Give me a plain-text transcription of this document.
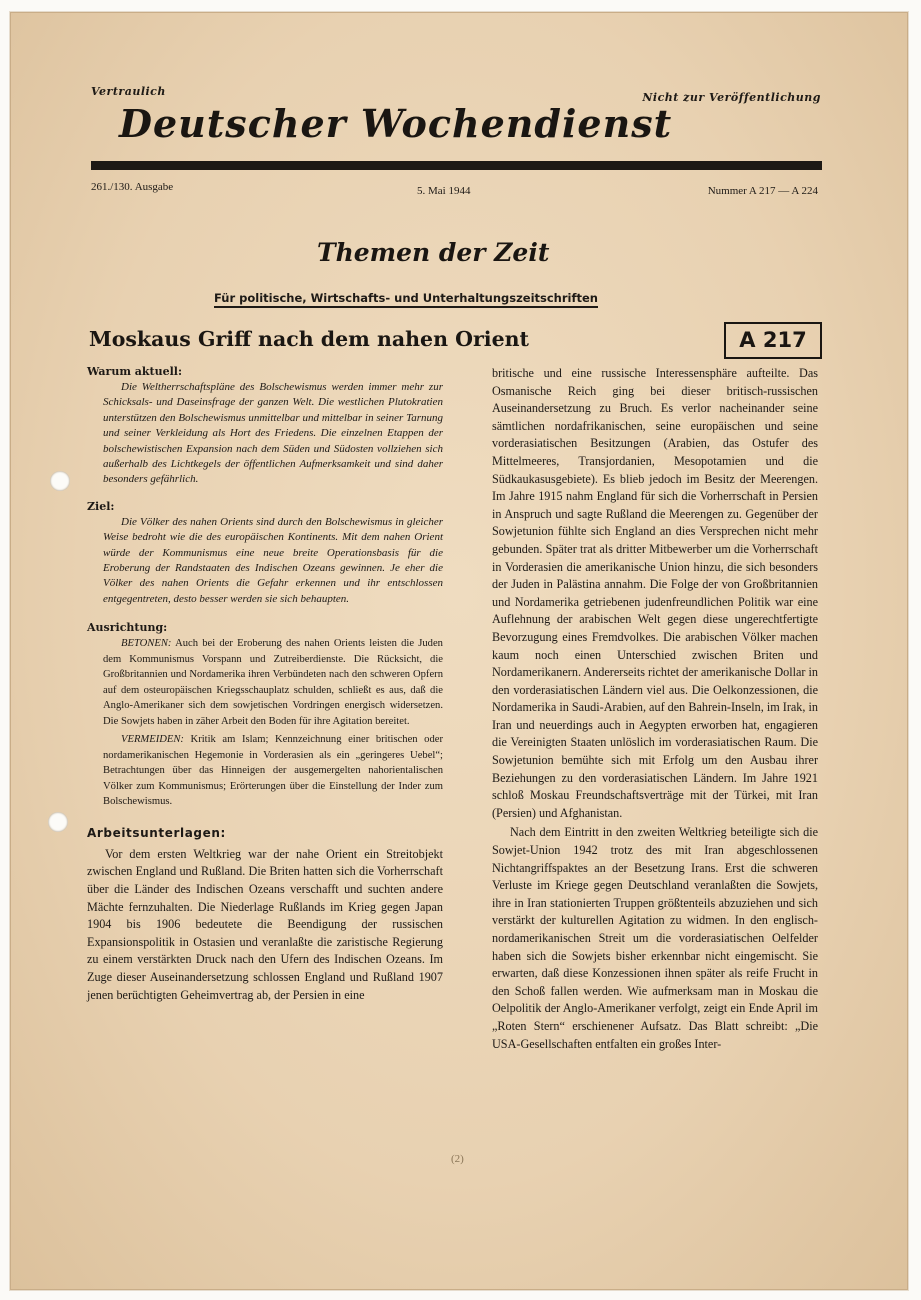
Vertraulich	Nicht zur Veröffentlichung
Deutscher Wochendienst
261./130. Ausgabe	5. Mai 1944	Nummer A 217 — A 224
Themen der Zeit
Für politische, Wirtschafts- und Unterhaltungszeitschriften
Moskaus Griff nach dem nahen Orient	A 217
Warum aktuell:

Die Weltherrschaftspläne des Bolschewismus werden immer mehr zur Schicksals- und Daseinsfrage der ganzen Welt. Die westlichen Plutokratien unterstützen den Bolschewismus unmittelbar und mittelbar in seiner Tarnung und seiner Verkleidung als Hort des Friedens. Die einzelnen Etappen der bolschewistischen Expansion nach dem Süden und Südosten vollziehen sich außerhalb des Lichtkegels der öffentlichen Aufmerksamkeit und sind daher besonders gefährlich.

Ziel:

Die Völker des nahen Orients sind durch den Bolschewismus in gleicher Weise bedroht wie die des europäischen Kontinents. Mit dem nahen Orient würde der Kommunismus eine neue breite Operationsbasis für die Eroberung der Randstaaten des Indischen Ozeans gewinnen. Je eher die Völker des nahen Orients die Gefahr erkennen und ihr entschlossen entgegentreten, desto besser werden sie sich behaupten.

Ausrichtung:

BETONEN: Auch bei der Eroberung des nahen Orients leisten die Juden dem Kommunismus Vorspann und Zutreiberdienste. Die Rücksicht, die Großbritannien und Nordamerika ihren Verbündeten nach den schweren Opfern auf dem osteuropäischen Kriegsschauplatz schulden, schließt es aus, daß die Anglo-Amerikaner sich dem sowjetischen Vordringen energisch widersetzen. Die Sowjets haben in zäher Arbeit den Boden für ihre Agitation bereitet.

VERMEIDEN: Kritik am Islam; Kennzeichnung einer britischen oder nordamerikanischen Hegemonie in Vorderasien als ein „geringeres Uebel“; Betrachtungen über das Hinneigen der ausgemergelten nahorientalischen Völker zum Kommunismus; Erörterungen über die Einstellung der Inder zum Bolschewismus.

Arbeitsunterlagen:

Vor dem ersten Weltkrieg war der nahe Orient ein Streitobjekt zwischen England und Rußland. Die Briten hatten sich die Vorherrschaft über die Länder des Indischen Ozeans verschafft und suchten andere Mächte fernzuhalten. Die Niederlage Rußlands im Krieg gegen Japan 1904 bis 1906 bedeutete die Beendigung der russischen Expansionspolitik in Ostasien und veranlaßte die zaristische Regierung zu einem verstärkten Druck nach den Ufern des Indischen Ozeans. Im Zuge dieser Auseinandersetzung schlossen England und Rußland 1907 jenen berüchtigten Geheimvertrag ab, der Persien in eine

britische und eine russische Interessensphäre aufteilte. Das Osmanische Reich ging bei dieser britisch-russischen Auseinandersetzung zu Bruch. Es verlor nacheinander seine sämtlichen nordafrikanischen, seine europäischen und seine vorderasiatischen Besitzungen (Arabien, das Ostufer des Mittelmeeres, Transjordanien, Mesopotamien und die Südkaukasusgebiete). Es blieb jedoch im Besitz der Meerengen. Im Jahre 1915 nahm England für sich die Vorherrschaft in Persien in Anspruch und sagte Rußland die Meerengen zu. Gegenüber der Sowjetunion fühlte sich England an dies Versprechen nicht mehr gebunden. Später trat als dritter Mitbewerber um die Vorherrschaft in Vorderasien die amerikanische Union hinzu, die sich besonders der Juden in Palästina annahm. Die Folge der von Großbritannien und Nordamerika getriebenen judenfreundlichen Politik war eine Auflehnung der arabischen Welt gegen diese ungerechtfertigte Bevorzugung eines Fremdvolkes. Die arabischen Völker machen kaum noch einen Unterschied zwischen Briten und Nordamerikanern. Andererseits richtet der amerikanische Dollar in den vorderasiatischen Ländern viel aus. Die Oelkonzessionen, die Nordamerika in Saudi-Arabien, auf den Bahrein-Inseln, im Irak, in Iran und neuerdings auch in Aegypten erworben hat, engagieren die Vereinigten Staaten unlöslich im vorderasiatischen Raum. Die Sowjetunion bemühte sich mit Erfolg um den Ausbau ihrer Beziehungen zu den vorderasiatischen Ländern. Im Jahre 1921 schloß Moskau Freundschaftsverträge mit der Türkei, mit Iran (Persien) und Afghanistan.

Nach dem Eintritt in den zweiten Weltkrieg beteiligte sich die Sowjet-Union 1942 trotz des mit Iran abgeschlossenen Nichtangriffspaktes an der Besetzung Irans. Erst die schweren Verluste im Kriege gegen Deutschland veranlaßten die Sowjets, ihre in Iran stationierten Truppen größtenteils abzuziehen und sich verstärkt der kulturellen Agitation zu widmen. In den englisch-nordamerikanischen Streit um die vorderasiatischen Oelfelder haben sich die Sowjets bisher erkennbar nicht eingemischt. Sie erwarten, daß diese Konzessionen ihnen später als reife Frucht in den Schoß fallen werden. Wie aufmerksam man in Moskau die Oelpolitik der Anglo-Amerikaner verfolgt, zeigt ein Ende April im „Roten Stern“ erschienener Aufsatz. Das Blatt schreibt: „Die USA-Gesellschaften entfalten ein großes Inter-

(2)
